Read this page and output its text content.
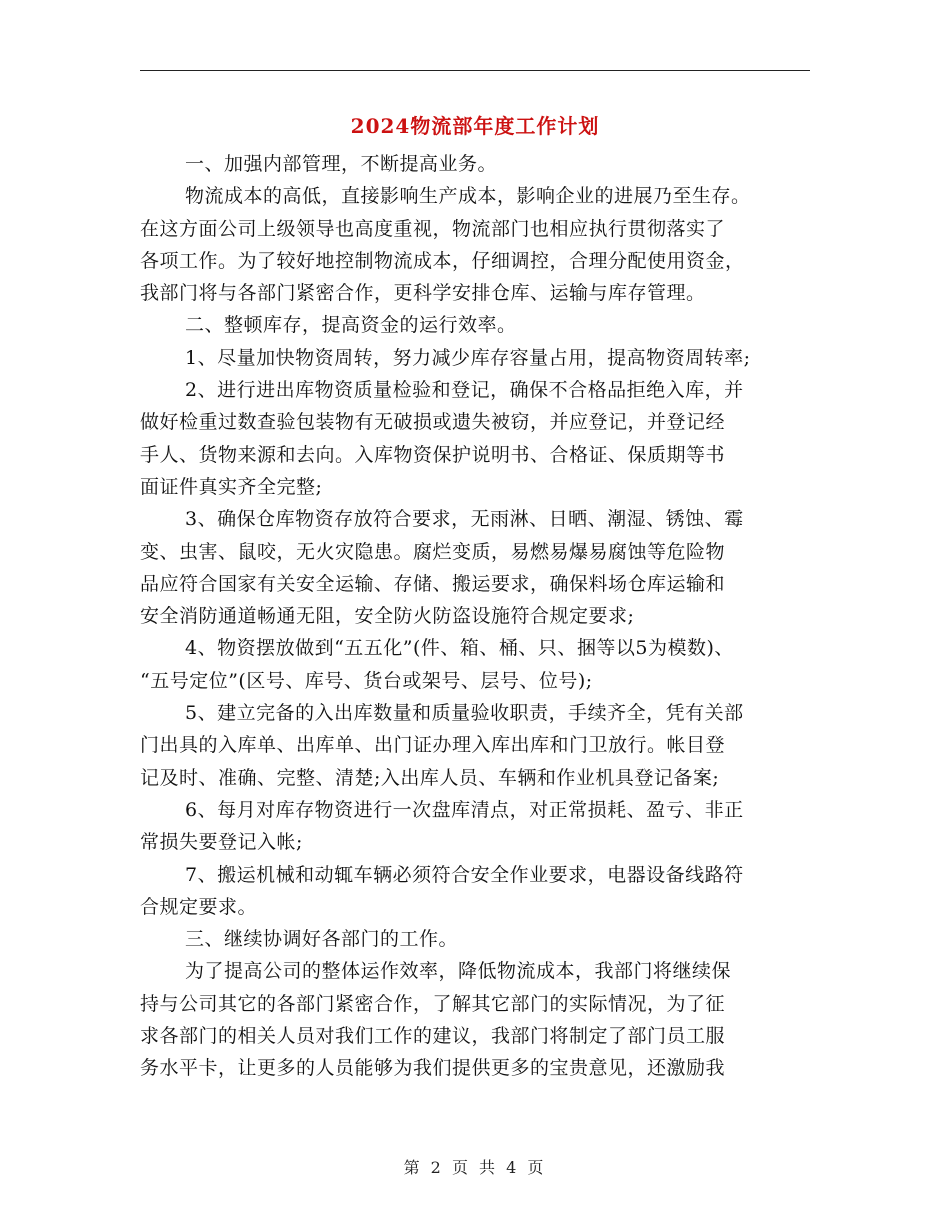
2024物流部年度工作计划
一、加强内部管理，不断提高业务。
物流成本的高低，直接影响生产成本，影响企业的进展乃至生存。
在这方面公司上级领导也高度重视，物流部门也相应执行贯彻落实了
各项工作。为了较好地控制物流成本，仔细调控，合理分配使用资金，
我部门将与各部门紧密合作，更科学安排仓库、运输与库存管理。
二、整顿库存，提高资金的运行效率。
1、尽量加快物资周转，努力减少库存容量占用，提高物资周转率;
2、进行进出库物资质量检验和登记，确保不合格品拒绝入库，并
做好检重过数查验包装物有无破损或遗失被窃，并应登记，并登记经
手人、货物来源和去向。入库物资保护说明书、合格证、保质期等书
面证件真实齐全完整;
3、确保仓库物资存放符合要求，无雨淋、日晒、潮湿、锈蚀、霉
变、虫害、鼠咬，无火灾隐患。腐烂变质，易燃易爆易腐蚀等危险物
品应符合国家有关安全运输、存储、搬运要求，确保料场仓库运输和
安全消防通道畅通无阻，安全防火防盗设施符合规定要求;
4、物资摆放做到“五五化”(件、箱、桶、只、捆等以5为模数)、
“五号定位”(区号、库号、货台或架号、层号、位号);
5、建立完备的入出库数量和质量验收职责，手续齐全，凭有关部
门出具的入库单、出库单、出门证办理入库出库和门卫放行。帐目登
记及时、准确、完整、清楚;入出库人员、车辆和作业机具登记备案;
6、每月对库存物资进行一次盘库清点，对正常损耗、盈亏、非正
常损失要登记入帐;
7、搬运机械和动辄车辆必须符合安全作业要求，电器设备线路符
合规定要求。
三、继续协调好各部门的工作。
为了提高公司的整体运作效率，降低物流成本，我部门将继续保
持与公司其它的各部门紧密合作，了解其它部门的实际情况，为了征
求各部门的相关人员对我们工作的建议，我部门将制定了部门员工服
务水平卡，让更多的人员能够为我们提供更多的宝贵意见，还激励我
第 2 页 共 4 页
